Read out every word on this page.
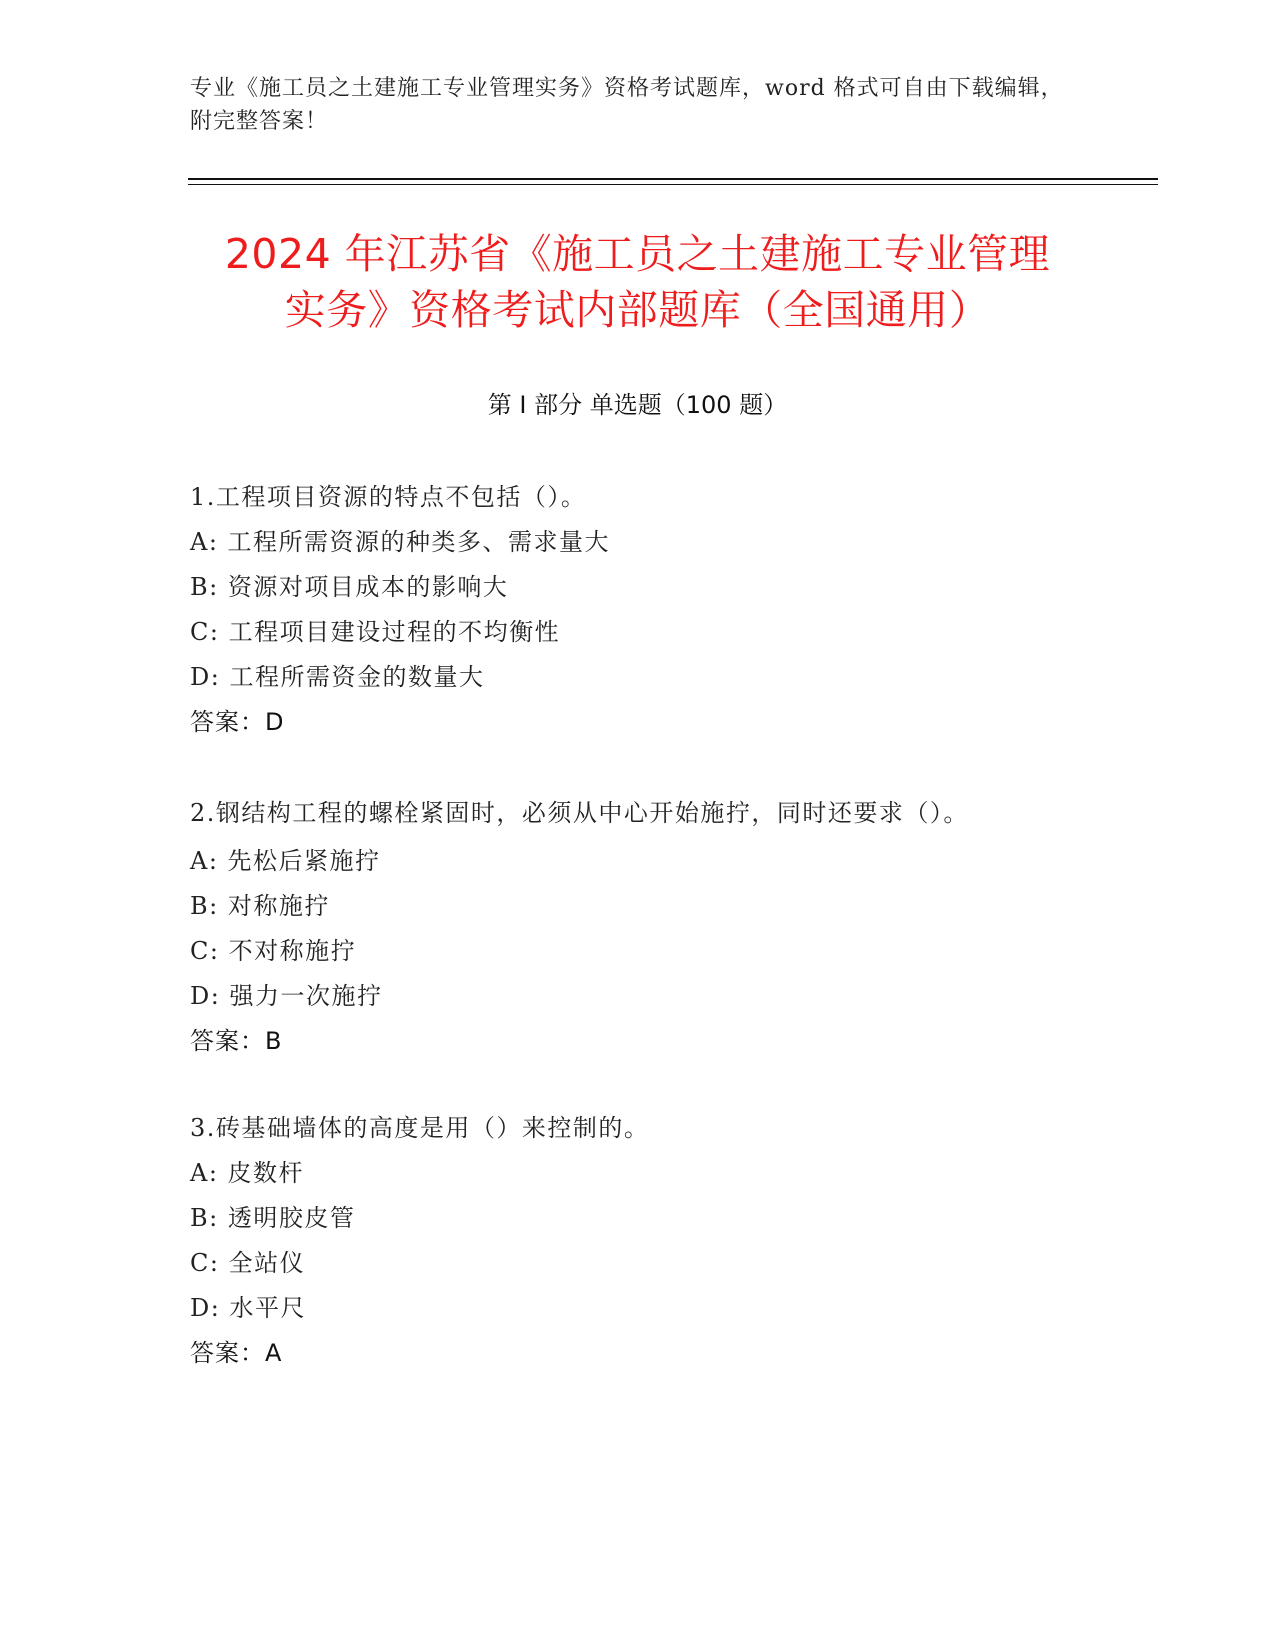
专业《施工员之土建施工专业管理实务》资格考试题库，word 格式可自由下载编辑，附完整答案！
2024 年江苏省《施工员之土建施工专业管理
实务》资格考试内部题库（全国通用）
第 I 部分 单选题（100 题）
1.工程项目资源的特点不包括（）。
A: 工程所需资源的种类多、需求量大
B: 资源对项目成本的影响大
C: 工程项目建设过程的不均衡性
D: 工程所需资金的数量大
答案：D
2.钢结构工程的螺栓紧固时，必须从中心开始施拧，同时还要求（）。
A: 先松后紧施拧
B: 对称施拧
C: 不对称施拧
D: 强力一次施拧
答案：B
3.砖基础墙体的高度是用（）来控制的。
A: 皮数杆
B: 透明胶皮管
C: 全站仪
D: 水平尺
答案：A
